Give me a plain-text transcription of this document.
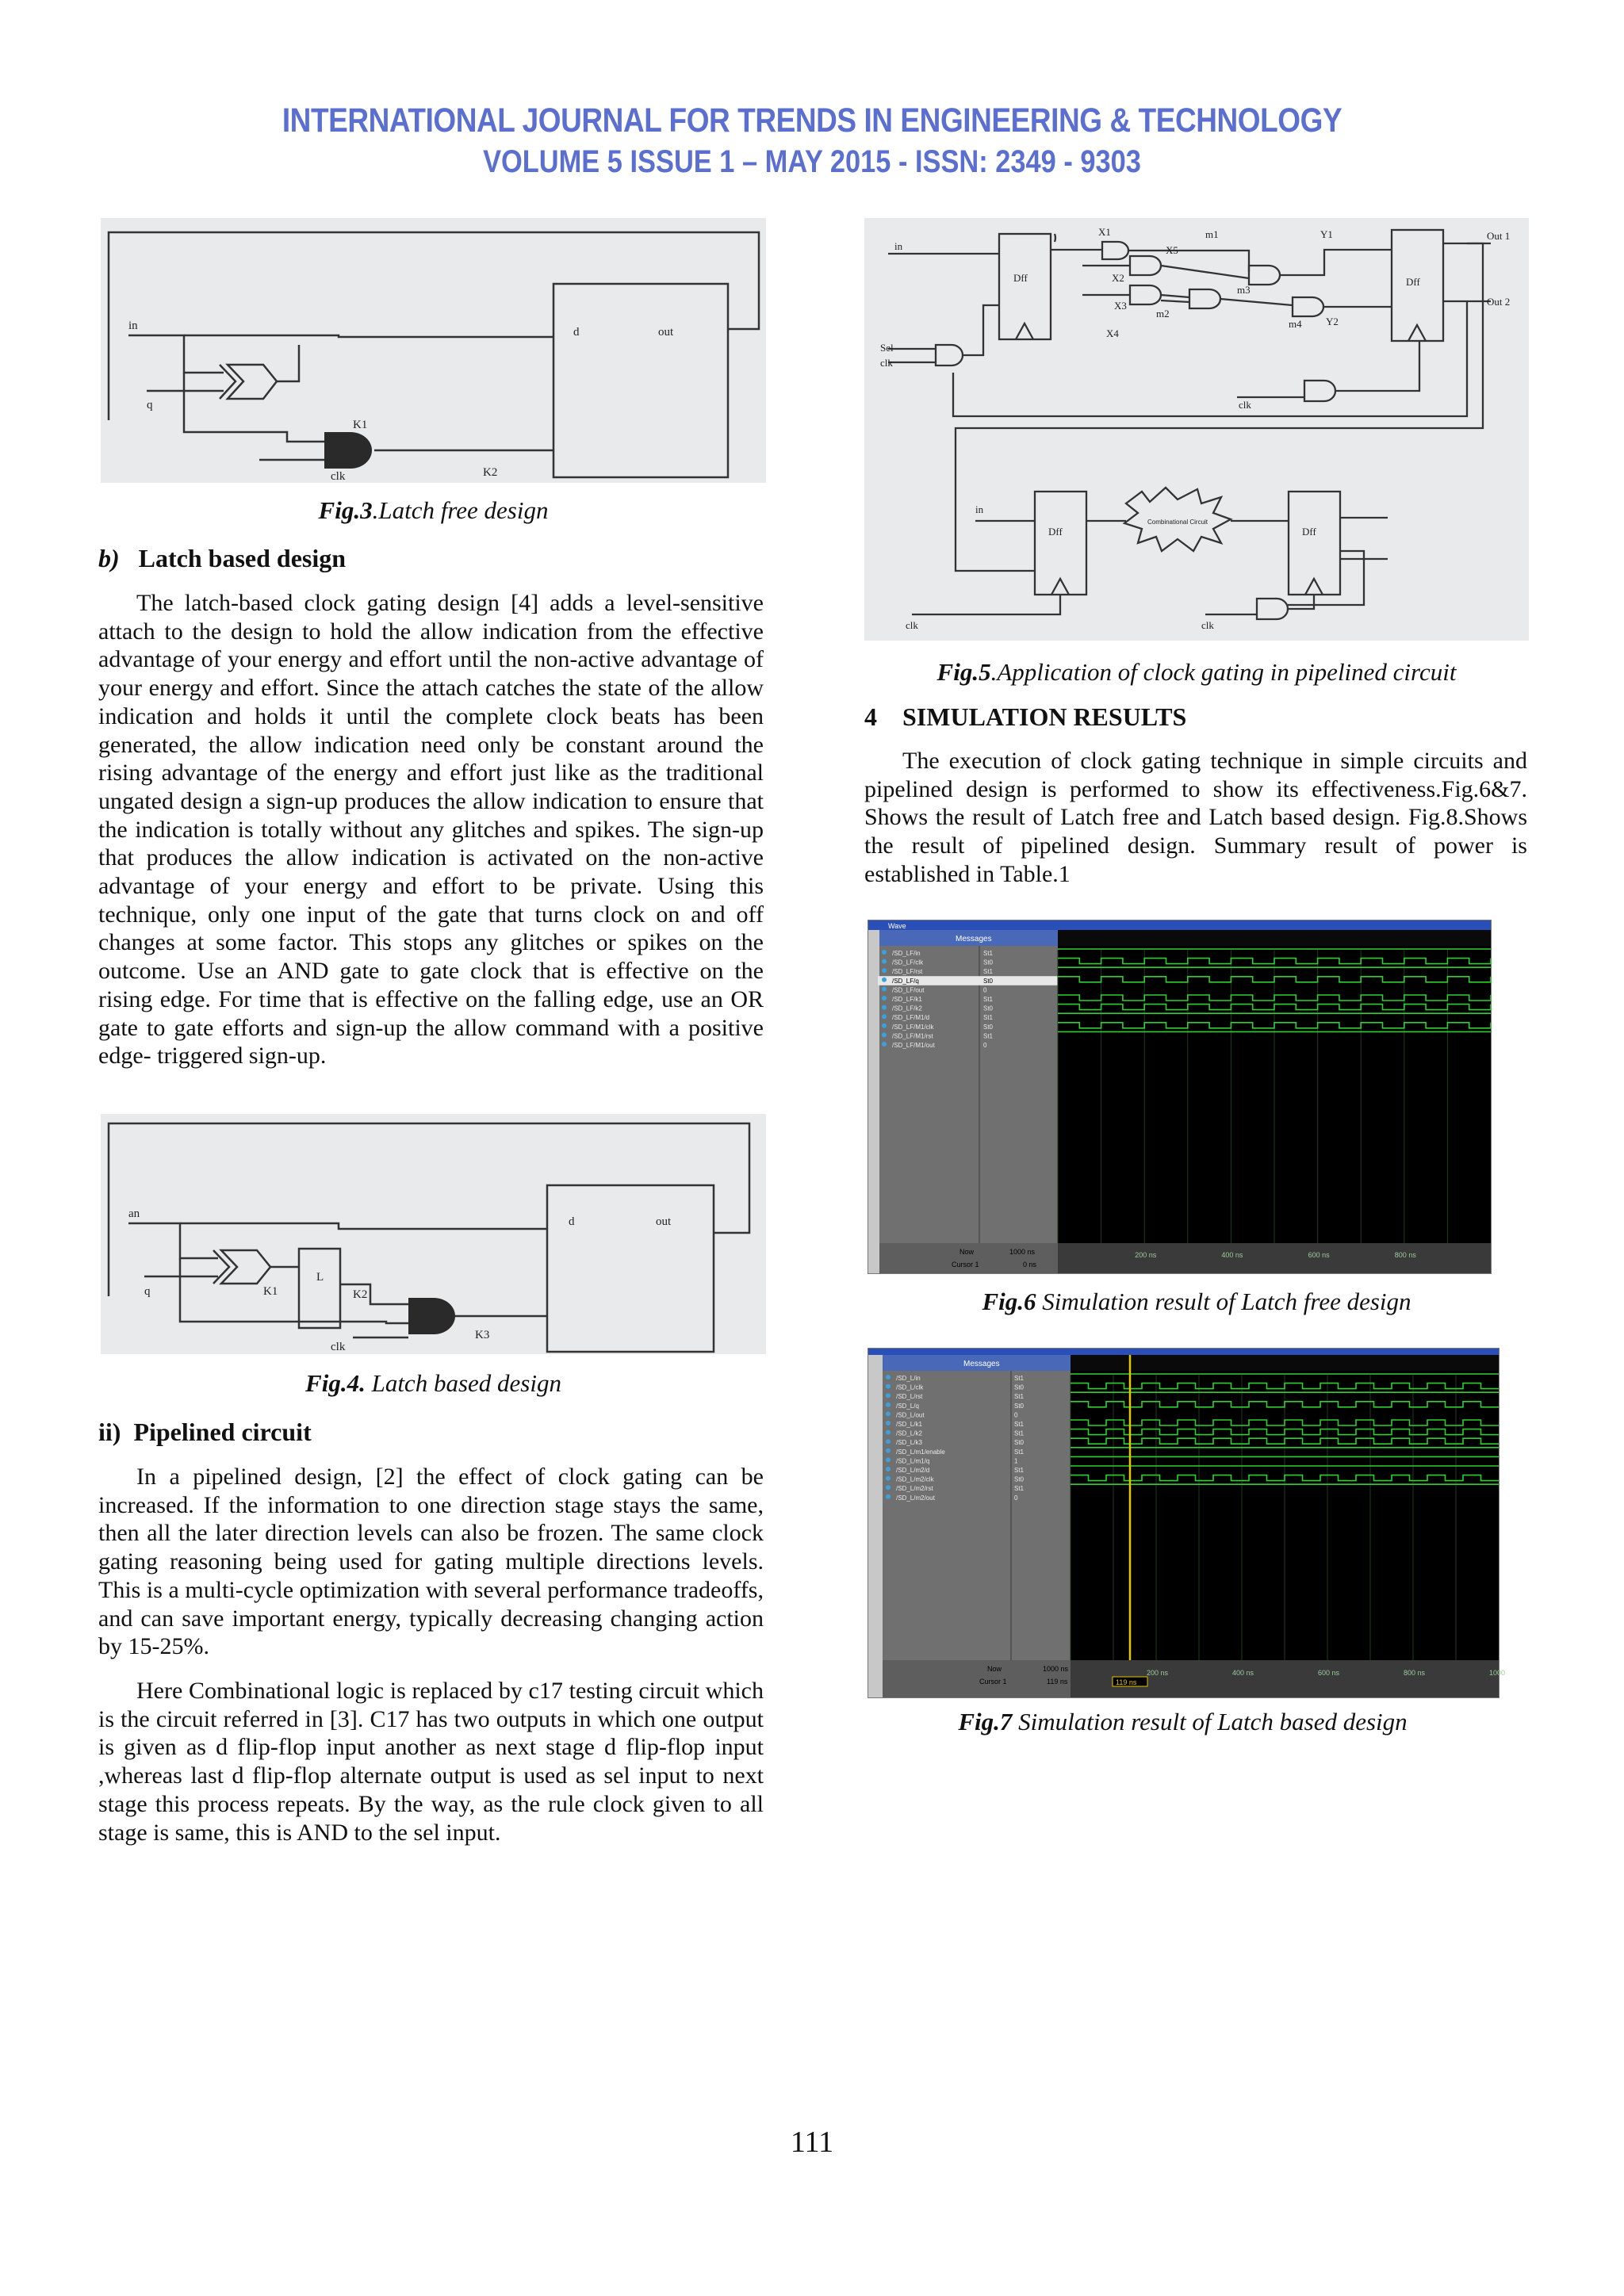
INTERNATIONAL JOURNAL FOR TRENDS IN ENGINEERING & TECHNOLOGY
VOLUME 5 ISSUE 1 – MAY 2015 - ISSN: 2349 - 9303
in
q
d	out
K1
K2
clk
Fig.3.Latch free design
b) Latch based design

The latch-based clock gating design [4] adds a level-sensitive attach to the design to hold the allow indication from the effective advantage of your energy and effort until the non-active advantage of your energy and effort. Since the attach catches the state of the allow indication and holds it until the complete clock beats has been generated, the allow indication need only be constant around the rising advantage of the energy and effort just like as the traditional ungated design a sign-up produces the allow indication to ensure that the indication is totally without any glitches and spikes. The sign-up that produces the allow indication is activated on the non-active advantage of your energy and effort to be private. Using this technique, only one input of the gate that turns clock on and off changes at some factor. This stops any glitches or spikes on the outcome. Use an AND gate to gate clock that is effective on the rising edge. For time that is effective on the falling edge, use an OR gate to gate efforts and sign-up the allow command with a positive edge- triggered sign-up.

an
q
d	out
K1
L
K2
K3
clk
Fig.4. Latch based design
ii) Pipelined circuit

In a pipelined design, [2] the effect of clock gating can be increased. If the information to one direction stage stays the same, then all the later direction levels can also be frozen. The same clock gating reasoning being used for gating multiple directions levels. This is a multi-cycle optimization with several performance tradeoffs, and can save important energy, typically decreasing changing action by 15-25%.

Here Combinational logic is replaced by c17 testing circuit which is the circuit referred in [3]. C17 has two outputs in which one output is given as d flip-flop input another as next stage d flip-flop input ,whereas last d flip-flop alternate output is used as sel input to next stage this process repeats. By the way, as the rule clock given to all stage is same, this is AND to the sel input.

in
Sel
clk
Dff	Dff
Dff	Dff
X1
X2
X3
X4
X5
m1
m2
m3
m4
Y1
Y2
Out 1
Out 2
clk
in
clk	clk
Combinational Circuit
Fig.5.Application of clock gating in pipelined circuit
4 SIMULATION RESULTS

The execution of clock gating technique in simple circuits and pipelined design is performed to show its effectiveness.Fig.6&7. Shows the result of Latch free and Latch based design. Fig.8.Shows the result of pipelined design. Summary result of power is established in Table.1

Wave
Messages
/SD_LF/in	St1
/SD_LF/clk	St0
/SD_LF/rst	St1
/SD_LF/q	St0
/SD_LF/out	0
/SD_LF/k1	St1
/SD_LF/k2	St0
/SD_LF/M1/d	St1
/SD_LF/M1/clk	St0
/SD_LF/M1/rst	St1
/SD_LF/M1/out	0
Now	1000 ns
Cursor 1	0 ns
200 ns	400 ns	600 ns	800 ns
Fig.6 Simulation result of Latch free design
Messages
/SD_L/in	St1
/SD_L/clk	St0
/SD_L/rst	St1
/SD_L/q	St0
/SD_L/out	0
/SD_L/k1	St1
/SD_L/k2	St1
/SD_L/k3	St0
/SD_L/m1/enable	St1
/SD_L/m1/q	1
/SD_L/m2/d	St1
/SD_L/m2/clk	St0
/SD_L/m2/rst	St1
/SD_L/m2/out	0
Now	1000 ns
Cursor 1	119 ns	119 ns
200 ns	400 ns	600 ns	800 ns	1000
Fig.7 Simulation result of Latch based design
111
